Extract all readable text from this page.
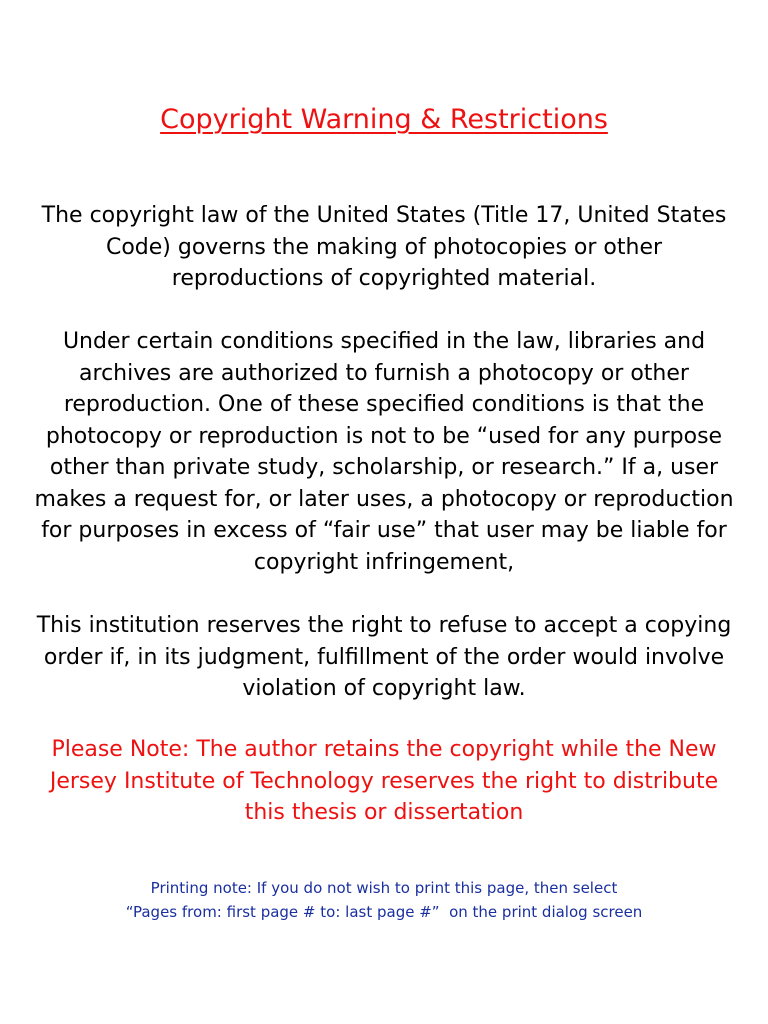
Copyright Warning & Restrictions

The copyright law of the United States (Title 17, United States Code) governs the making of photocopies or other reproductions of copyrighted material.

Under certain conditions specified in the law, libraries and archives are authorized to furnish a photocopy or other reproduction. One of these specified conditions is that the photocopy or reproduction is not to be “used for any purpose other than private study, scholarship, or research.” If a, user makes a request for, or later uses, a photocopy or reproduction for purposes in excess of “fair use” that user may be liable for copyright infringement,

This institution reserves the right to refuse to accept a copying order if, in its judgment, fulfillment of the order would involve violation of copyright law.

Please Note: The author retains the copyright while the New Jersey Institute of Technology reserves the right to distribute this thesis or dissertation

Printing note: If you do not wish to print this page, then select
“Pages from: first page # to: last page #”  on the print dialog screen
